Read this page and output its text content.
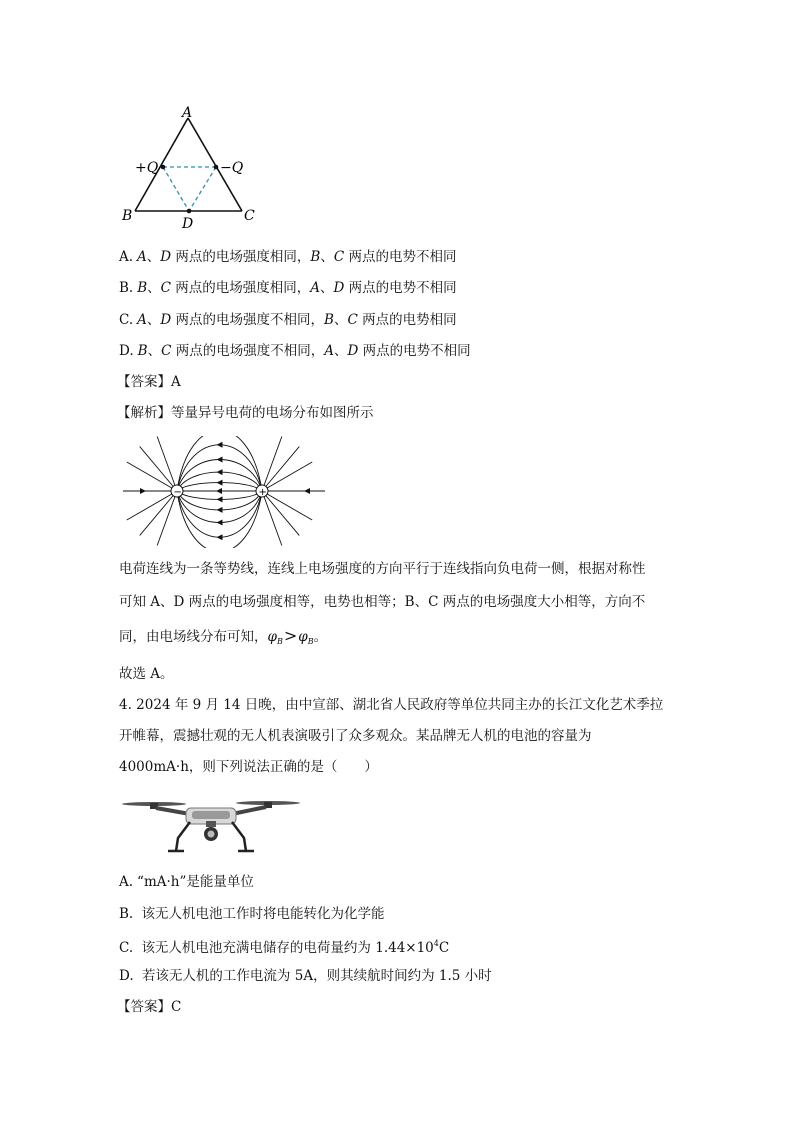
A
B	C
D
+Q	−Q
A. A、D 两点的电场强度相同，B、C 两点的电势不相同
B. B、C 两点的电场强度相同，A、D 两点的电势不相同
C. A、D 两点的电场强度不相同，B、C 两点的电势相同
D. B、C 两点的电场强度不相同，A、D 两点的电势不相同
【答案】A
【解析】等量异号电荷的电场分布如图所示
−	+
电荷连线为一条等势线，连线上电场强度的方向平行于连线指向负电荷一侧，根据对称性
可知 A、D 两点的电场强度相等，电势也相等；B、C 两点的电场强度大小相等，方向不
同，由电场线分布可知，$\varphi_B>\varphi_B$。
故选 A。
4. 2024 年 9 月 14 日晚，由中宣部、湖北省人民政府等单位共同主办的长江文化艺术季拉
开帷幕，震撼壮观的无人机表演吸引了众多观众。某品牌无人机的电池的容量为
4000mA·h，则下列说法正确的是（　　）
A. “mA·h”是能量单位
B. 该无人机电池工作时将电能转化为化学能
C. 该无人机电池充满电储存的电荷量约为 $1.44\times 10^4C$
D. 若该无人机的工作电流为 5A，则其续航时间约为 1.5 小时
【答案】C
